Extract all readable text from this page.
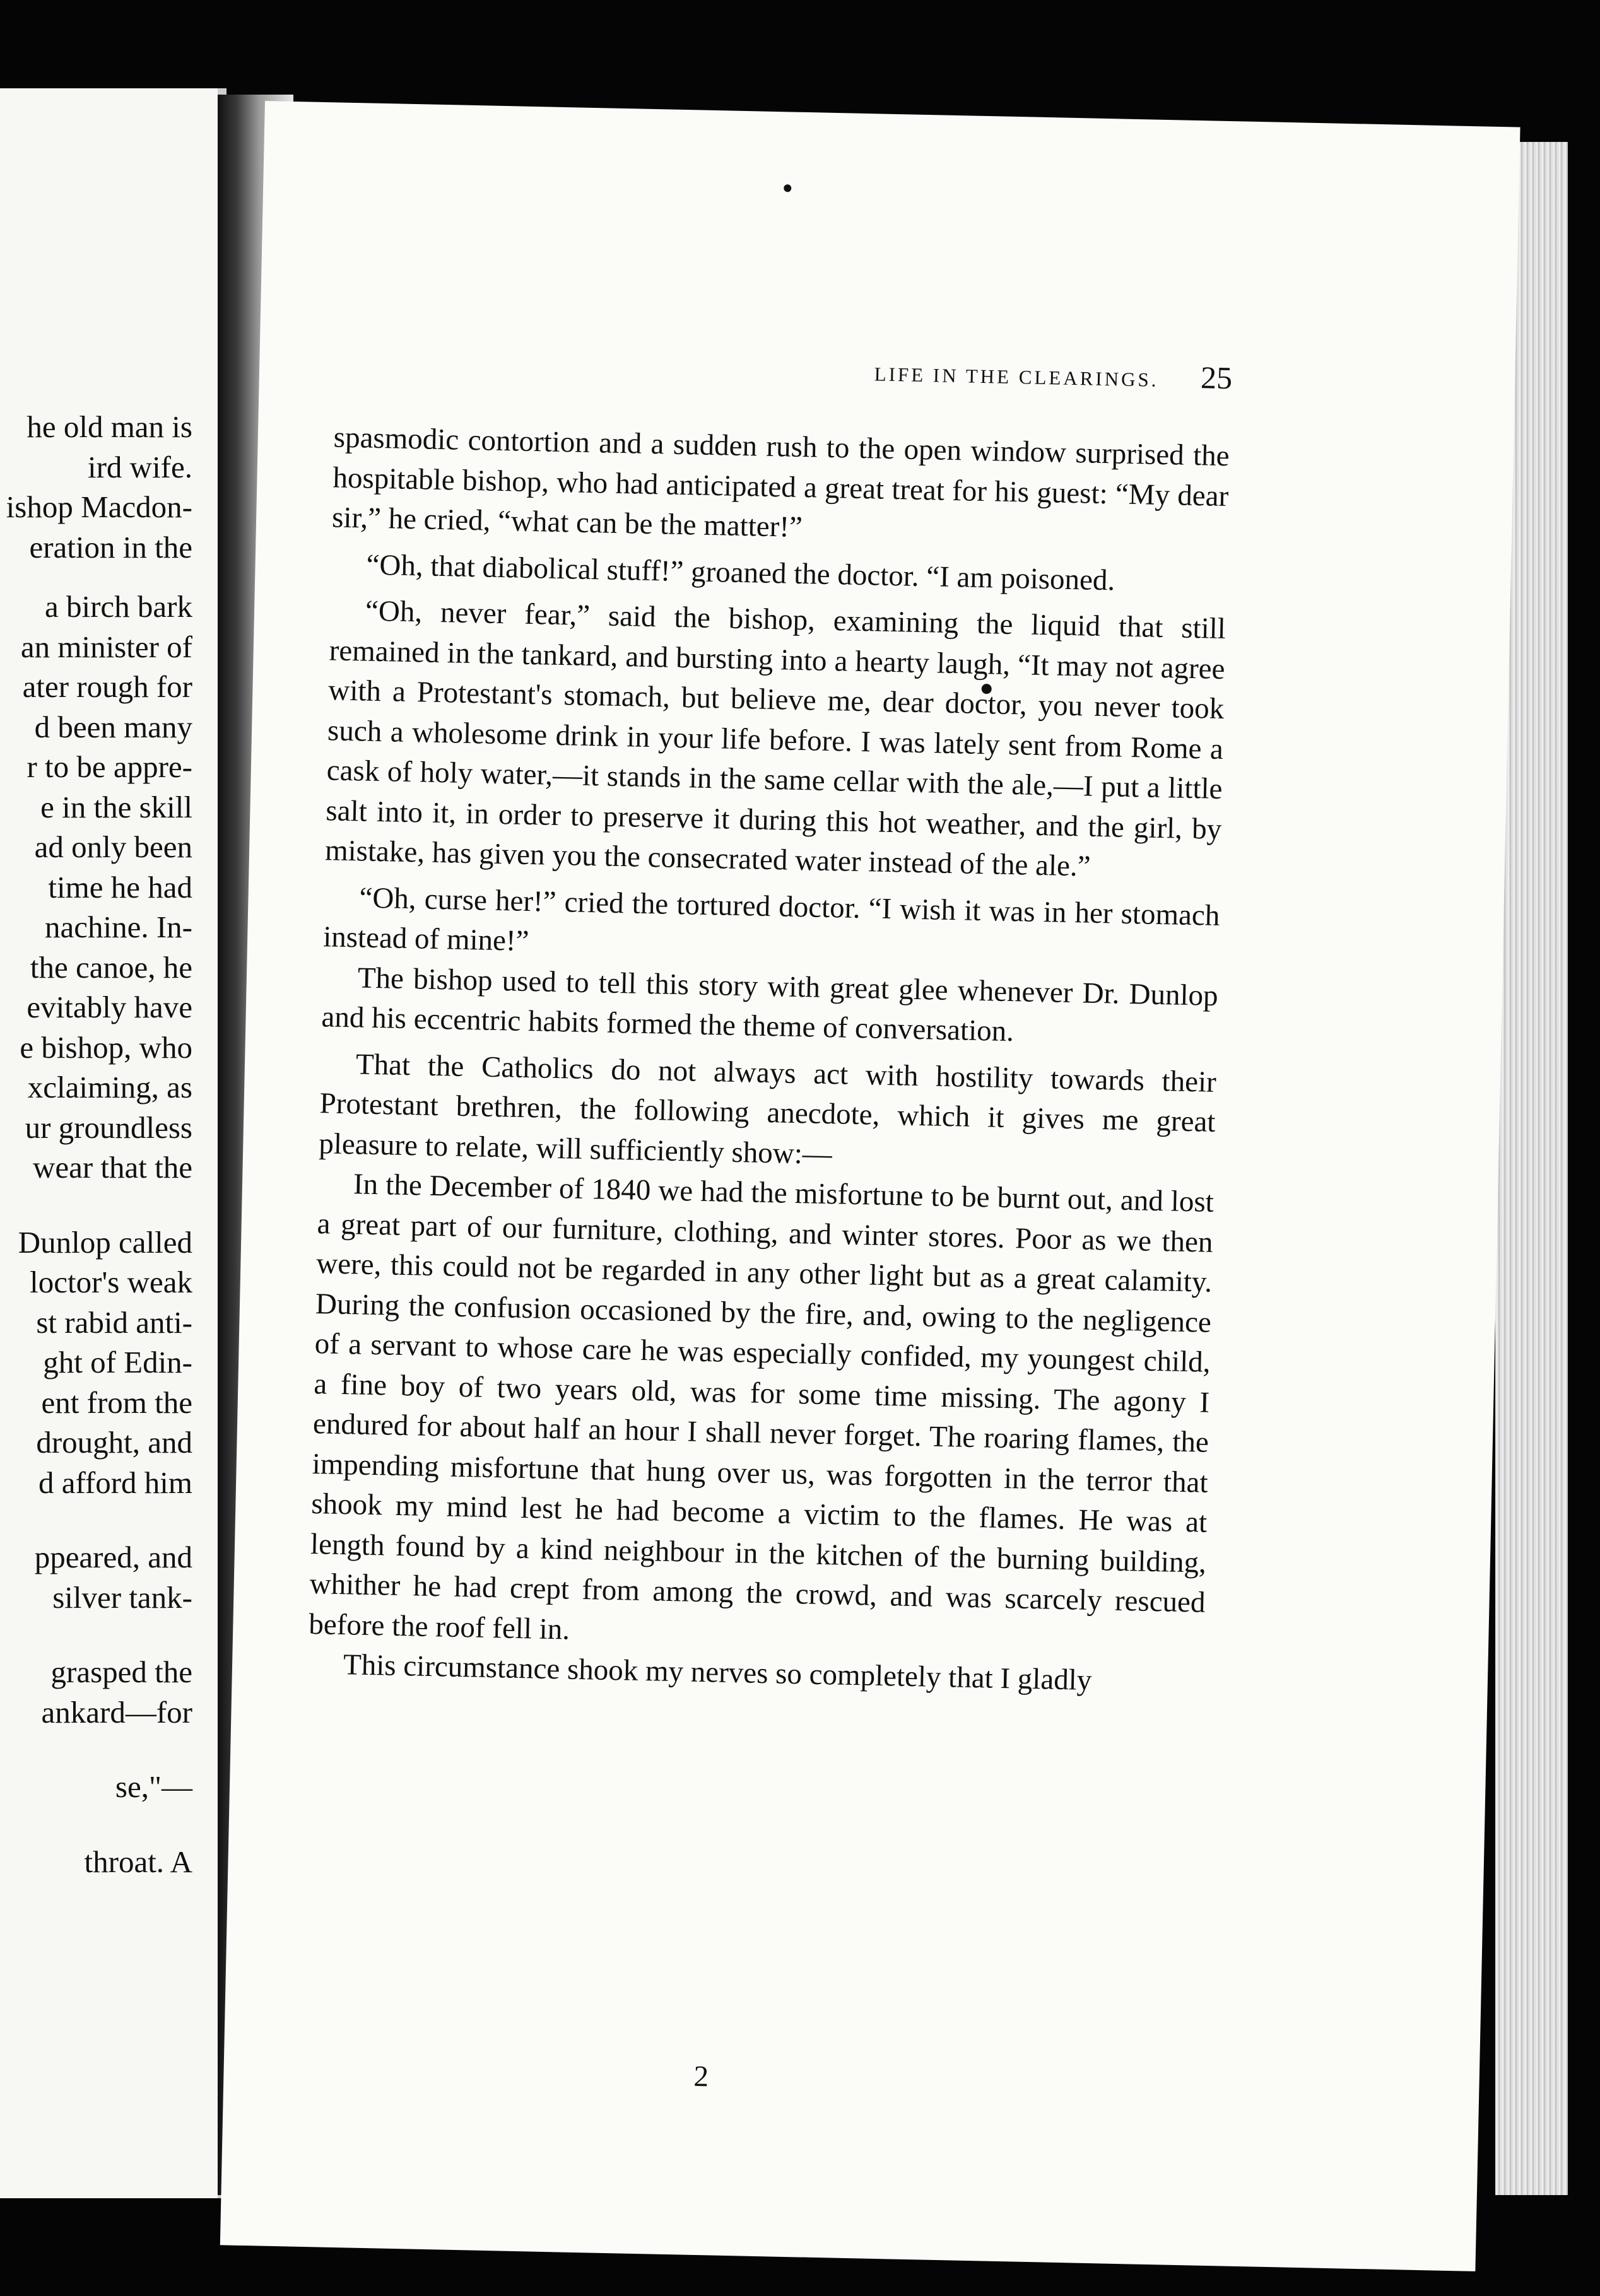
he old man is
ird wife.
ishop Macdon-
eration in the
a birch bark
an minister of
ater rough for
d been many
r to be appre-
e in the skill
ad only been
time he had
nachine. In-
the canoe, he
evitably have
e bishop, who
xclaiming, as
ur groundless
wear that the
Dunlop called
loctor's weak
st rabid anti-
ght of Edin-
ent from the
drought, and
d afford him
ppeared, and
silver tank-
grasped the
ankard—for
se,"—
throat. A
LIFE IN THE CLEARINGS.	25

spasmodic contortion and a sudden rush to the open window surprised the hospitable bishop, who had anticipated a great treat for his guest: “My dear sir,” he cried, “what can be the matter!”

“Oh, that diabolical stuff!” groaned the doctor. “I am poisoned.

“Oh, never fear,” said the bishop, examining the liquid that still remained in the tankard, and bursting into a hearty laugh, “It may not agree with a Protestant's stomach, but believe me, dear doctor, you never took such a wholesome drink in your life before. I was lately sent from Rome a cask of holy water,—it stands in the same cellar with the ale,—I put a little salt into it, in order to preserve it during this hot weather, and the girl, by mistake, has given you the consecrated water instead of the ale.”

“Oh, curse her!” cried the tortured doctor. “I wish it was in her stomach instead of mine!”

The bishop used to tell this story with great glee whenever Dr. Dunlop and his eccentric habits formed the theme of conversation.

That the Catholics do not always act with hostility towards their Protestant brethren, the following anecdote, which it gives me great pleasure to relate, will sufficiently show:—

In the December of 1840 we had the misfortune to be burnt out, and lost a great part of our furniture, clothing, and winter stores. Poor as we then were, this could not be regarded in any other light but as a great calamity. During the confusion occasioned by the fire, and, owing to the negligence of a servant to whose care he was especially confided, my youngest child, a fine boy of two years old, was for some time missing. The agony I endured for about half an hour I shall never forget. The roaring flames, the impending misfortune that hung over us, was forgotten in the terror that shook my mind lest he had become a victim to the flames. He was at length found by a kind neighbour in the kitchen of the burning building, whither he had crept from among the crowd, and was scarcely rescued before the roof fell in.

This circumstance shook my nerves so completely that I gladly

2
